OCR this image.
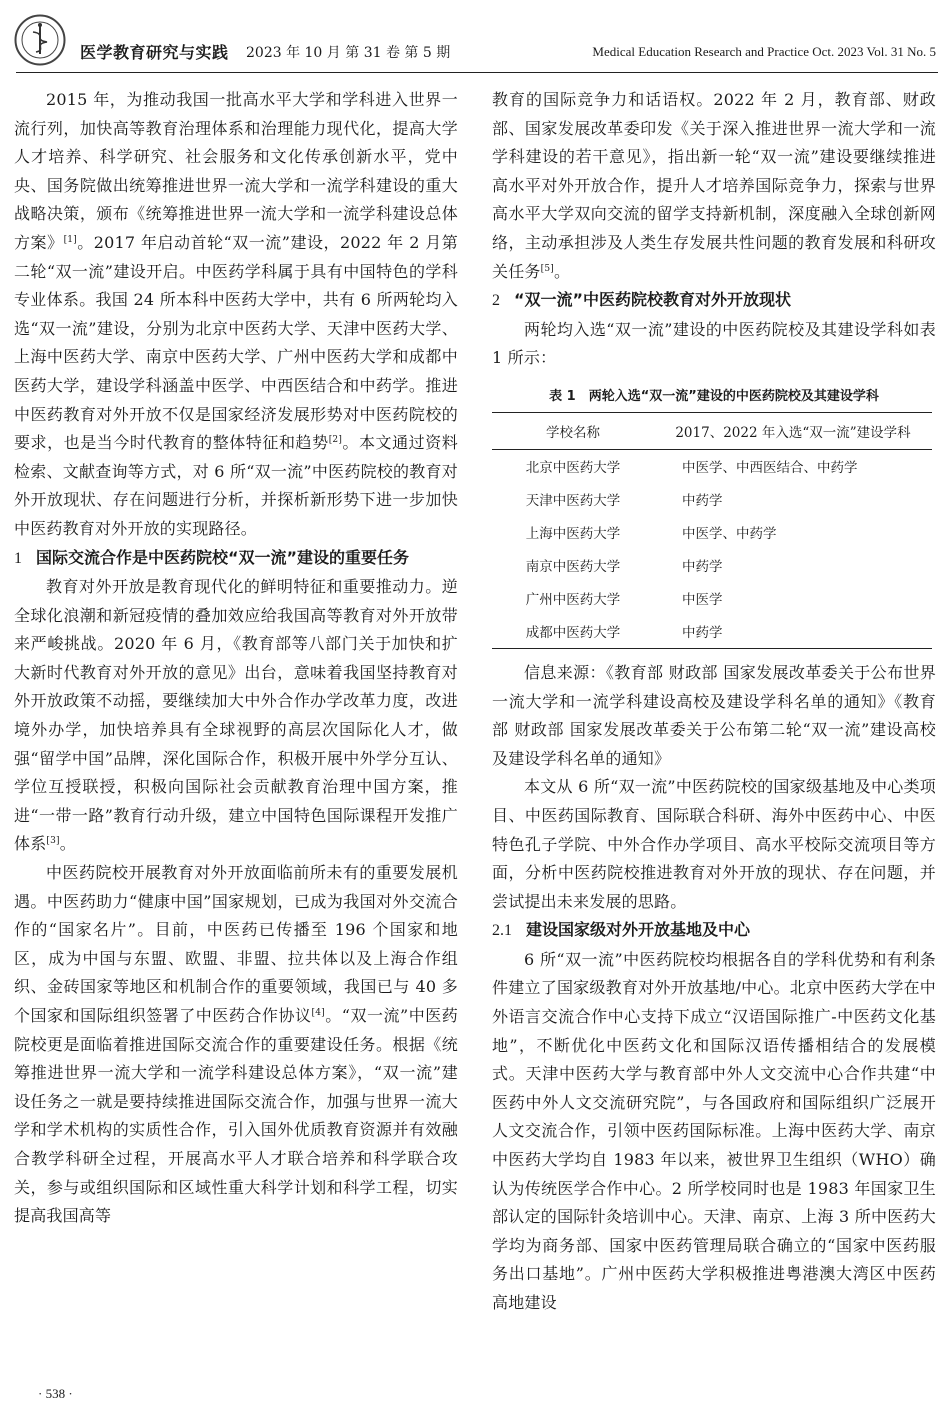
医学教育研究与实践 2023 年 10 月 第 31 卷 第 5 期	Medical Education Research and Practice Oct. 2023 Vol. 31 No. 5

2015 年，为推动我国一批高水平大学和学科进入世界一流行列，加快高等教育治理体系和治理能力现代化，提高大学人才培养、科学研究、社会服务和文化传承创新水平，党中央、国务院做出统筹推进世界一流大学和一流学科建设的重大战略决策，颁布《统筹推进世界一流大学和一流学科建设总体方案》[1]。2017 年启动首轮“双一流”建设，2022 年 2 月第二轮“双一流”建设开启。中医药学科属于具有中国特色的学科专业体系。我国 24 所本科中医药大学中，共有 6 所两轮均入选“双一流”建设，分别为北京中医药大学、天津中医药大学、上海中医药大学、南京中医药大学、广州中医药大学和成都中医药大学，建设学科涵盖中医学、中西医结合和中药学。推进中医药教育对外开放不仅是国家经济发展形势对中医药院校的要求，也是当今时代教育的整体特征和趋势[2]。本文通过资料检索、文献查询等方式，对 6 所“双一流”中医药院校的教育对外开放现状、存在问题进行分析，并探析新形势下进一步加快中医药教育对外开放的实现路径。

1 国际交流合作是中医药院校“双一流”建设的重要任务

教育对外开放是教育现代化的鲜明特征和重要推动力。逆全球化浪潮和新冠疫情的叠加效应给我国高等教育对外开放带来严峻挑战。2020 年 6 月，《教育部等八部门关于加快和扩大新时代教育对外开放的意见》出台，意味着我国坚持教育对外开放政策不动摇，要继续加大中外合作办学改革力度，改进境外办学，加快培养具有全球视野的高层次国际化人才，做强“留学中国”品牌，深化国际合作，积极开展中外学分互认、学位互授联授，积极向国际社会贡献教育治理中国方案，推进“一带一路”教育行动升级，建立中国特色国际课程开发推广体系[3]。

中医药院校开展教育对外开放面临前所未有的重要发展机遇。中医药助力“健康中国”国家规划，已成为我国对外交流合作的“国家名片”。目前，中医药已传播至 196 个国家和地区，成为中国与东盟、欧盟、非盟、拉共体以及上海合作组织、金砖国家等地区和机制合作的重要领域，我国已与 40 多个国家和国际组织签署了中医药合作协议[4]。“双一流”中医药院校更是面临着推进国际交流合作的重要建设任务。根据《统筹推进世界一流大学和一流学科建设总体方案》，“双一流”建设任务之一就是要持续推进国际交流合作，加强与世界一流大学和学术机构的实质性合作，引入国外优质教育资源并有效融合教学科研全过程，开展高水平人才联合培养和科学联合攻关，参与或组织国际和区域性重大科学计划和科学工程，切实提高我国高等

教育的国际竞争力和话语权。2022 年 2 月，教育部、财政部、国家发展改革委印发《关于深入推进世界一流大学和一流学科建设的若干意见》，指出新一轮“双一流”建设要继续推进高水平对外开放合作，提升人才培养国际竞争力，探索与世界高水平大学双向交流的留学支持新机制，深度融入全球创新网络，主动承担涉及人类生存发展共性问题的教育发展和科研攻关任务[5]。

2 “双一流”中医药院校教育对外开放现状

两轮均入选“双一流”建设的中医药院校及其建设学科如表 1 所示：

表 1　两轮入选“双一流”建设的中医药院校及其建设学科
学校名称	2017、2022 年入选“双一流”建设学科
北京中医药大学	中医学、中西医结合、中药学
天津中医药大学	中药学
上海中医药大学	中医学、中药学
南京中医药大学	中药学
广州中医药大学	中医学
成都中医药大学	中药学

信息来源：《教育部 财政部 国家发展改革委关于公布世界一流大学和一流学科建设高校及建设学科名单的通知》《教育部 财政部 国家发展改革委关于公布第二轮“双一流”建设高校及建设学科名单的通知》

本文从 6 所“双一流”中医药院校的国家级基地及中心类项目、中医药国际教育、国际联合科研、海外中医药中心、中医特色孔子学院、中外合作办学项目、高水平校际交流项目等方面，分析中医药院校推进教育对外开放的现状、存在问题，并尝试提出未来发展的思路。

2.1 建设国家级对外开放基地及中心

6 所“双一流”中医药院校均根据各自的学科优势和有利条件建立了国家级教育对外开放基地/中心。北京中医药大学在中外语言交流合作中心支持下成立“汉语国际推广-中医药文化基地”，不断优化中医药文化和国际汉语传播相结合的发展模式。天津中医药大学与教育部中外人文交流中心合作共建“中医药中外人文交流研究院”，与各国政府和国际组织广泛展开人文交流合作，引领中医药国际标准。上海中医药大学、南京中医药大学均自 1983 年以来，被世界卫生组织（WHO）确认为传统医学合作中心。2 所学校同时也是 1983 年国家卫生部认定的国际针灸培训中心。天津、南京、上海 3 所中医药大学均为商务部、国家中医药管理局联合确立的“国家中医药服务出口基地”。广州中医药大学积极推进粤港澳大湾区中医药高地建设

· 538 ·
